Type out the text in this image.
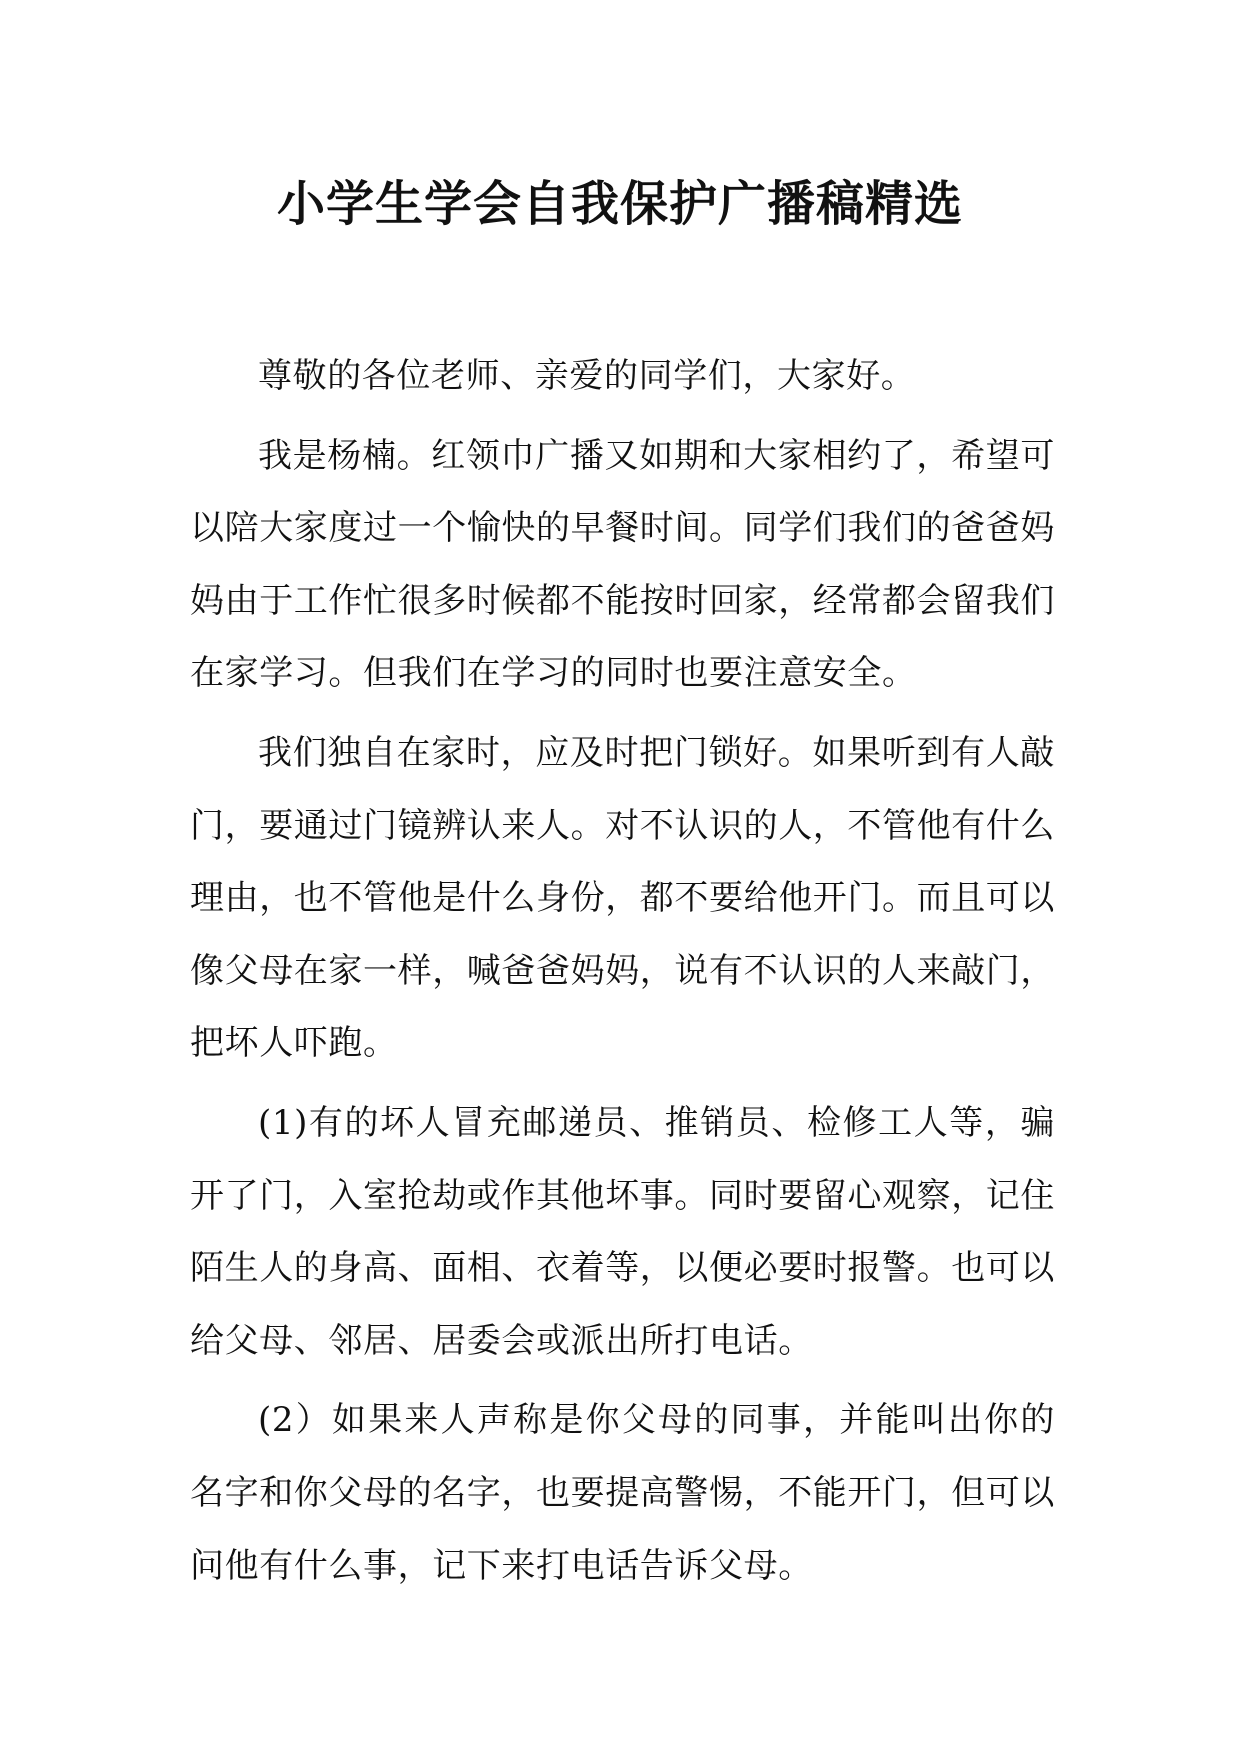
小学生学会自我保护广播稿精选

尊敬的各位老师、亲爱的同学们，大家好。

我是杨楠。红领巾广播又如期和大家相约了，希望可以陪大家度过一个愉快的早餐时间。同学们我们的爸爸妈妈由于工作忙很多时候都不能按时回家，经常都会留我们在家学习。但我们在学习的同时也要注意安全。

我们独自在家时，应及时把门锁好。如果听到有人敲门，要通过门镜辨认来人。对不认识的人，不管他有什么理由，也不管他是什么身份，都不要给他开门。而且可以像父母在家一样，喊爸爸妈妈，说有不认识的人来敲门，把坏人吓跑。

(1)有的坏人冒充邮递员、推销员、检修工人等，骗开了门，入室抢劫或作其他坏事。同时要留心观察，记住陌生人的身高、面相、衣着等，以便必要时报警。也可以给父母、邻居、居委会或派出所打电话。

(2）如果来人声称是你父母的同事，并能叫出你的名字和你父母的名字，也要提高警惕，不能开门，但可以问他有什么事，记下来打电话告诉父母。
